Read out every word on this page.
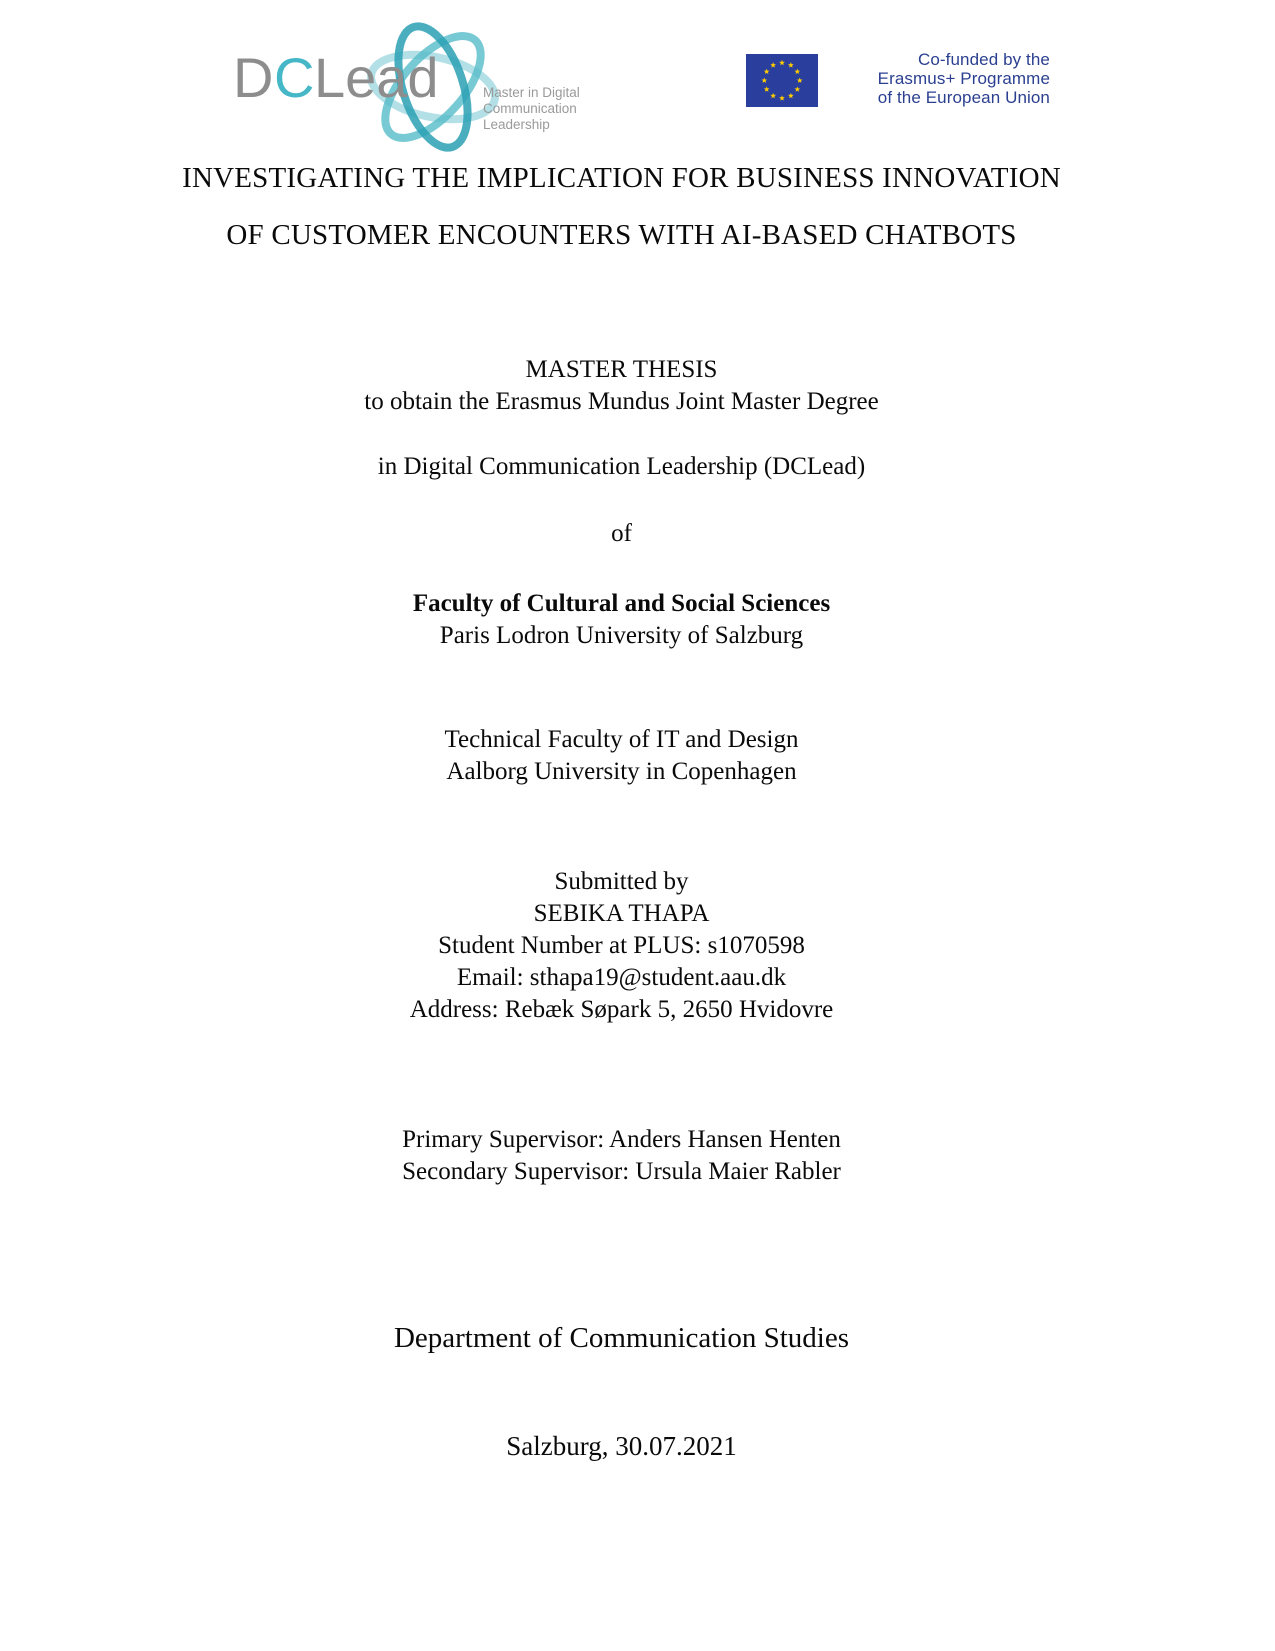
D C Lead	Master in Digital
Communication
Leadership
Co-funded by the
Erasmus+ Programme
of the European Union
INVESTIGATING THE IMPLICATION FOR BUSINESS INNOVATION
OF CUSTOMER ENCOUNTERS WITH AI-BASED CHATBOTS
MASTER THESIS
to obtain the Erasmus Mundus Joint Master Degree
in Digital Communication Leadership (DCLead)
of
Faculty of Cultural and Social Sciences
Paris Lodron University of Salzburg
Technical Faculty of IT and Design
Aalborg University in Copenhagen
Submitted by
SEBIKA THAPA
Student Number at PLUS: s1070598
Email: sthapa19@student.aau.dk
Address: Rebæk Søpark 5, 2650 Hvidovre
Primary Supervisor: Anders Hansen Henten
Secondary Supervisor: Ursula Maier Rabler
Department of Communication Studies
Salzburg, 30.07.2021
